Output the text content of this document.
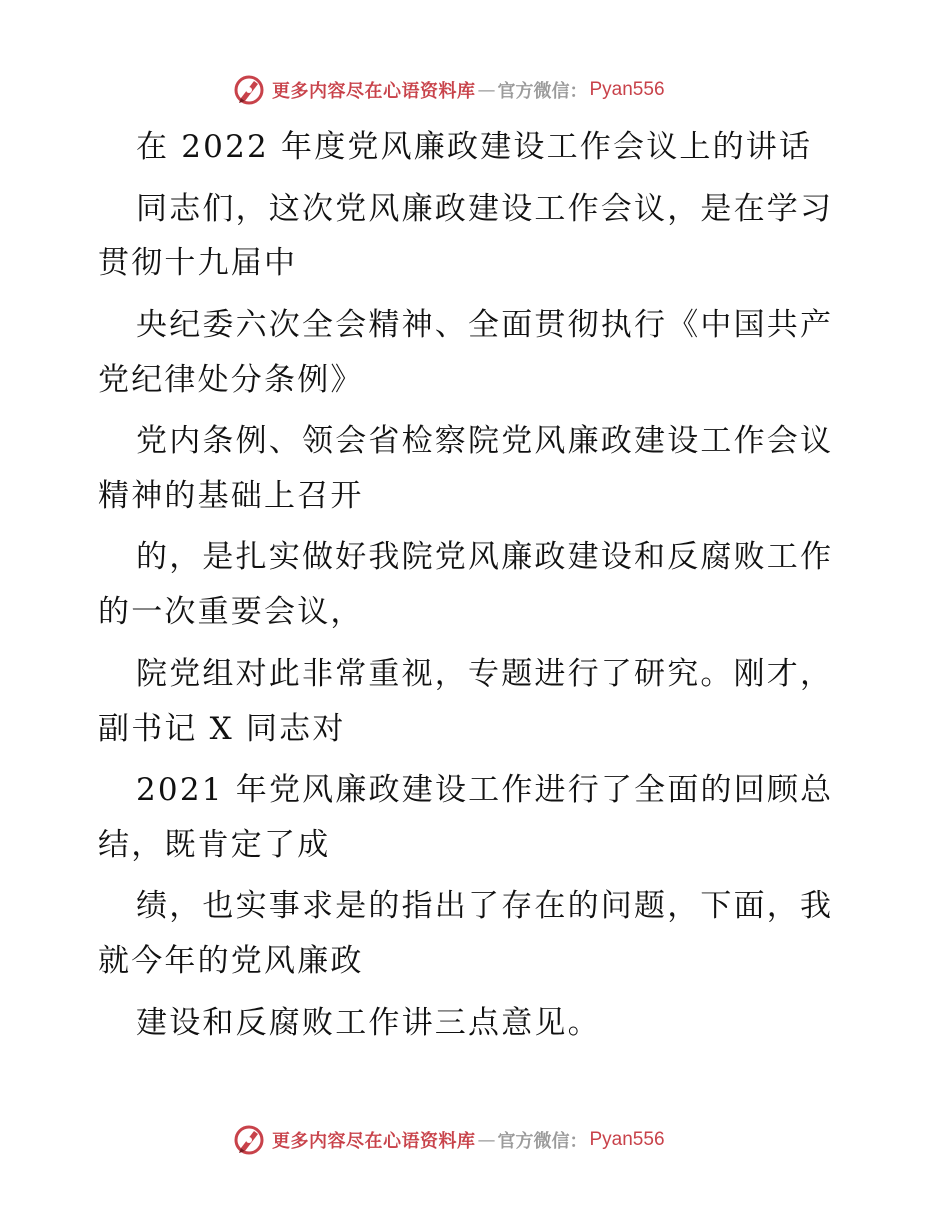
更多内容尽在心语资料库 — 官方微信： Pyan556
在 2022 年度党风廉政建设工作会议上的讲话
同志们，这次党风廉政建设工作会议，是在学习
贯彻十九届中
央纪委六次全会精神、全面贯彻执行《中国共产
党纪律处分条例》
党内条例、领会省检察院党风廉政建设工作会议
精神的基础上召开
的，是扎实做好我院党风廉政建设和反腐败工作
的一次重要会议，
院党组对此非常重视，专题进行了研究。刚才，
副书记 X 同志对
2021 年党风廉政建设工作进行了全面的回顾总
结，既肯定了成
绩，也实事求是的指出了存在的问题，下面，我
就今年的党风廉政
建设和反腐败工作讲三点意见。
更多内容尽在心语资料库 — 官方微信： Pyan556
